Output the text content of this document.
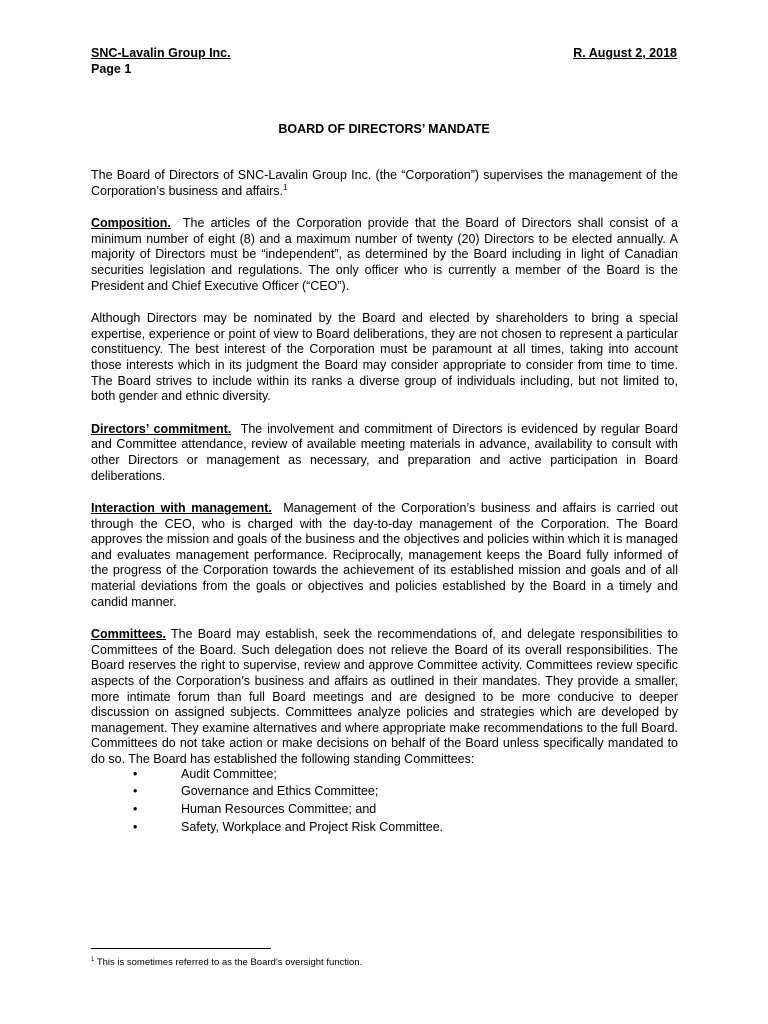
SNC-Lavalin Group Inc.
Page 1
R. August 2, 2018
BOARD OF DIRECTORS’ MANDATE

The Board of Directors of SNC-Lavalin Group Inc. (the “Corporation”) supervises the management of the Corporation’s business and affairs.$^1$

Composition. The articles of the Corporation provide that the Board of Directors shall consist of a minimum number of eight (8) and a maximum number of twenty (20) Directors to be elected annually. A majority of Directors must be “independent”, as determined by the Board including in light of Canadian securities legislation and regulations. The only officer who is currently a member of the Board is the President and Chief Executive Officer (“CEO”).

Although Directors may be nominated by the Board and elected by shareholders to bring a special expertise, experience or point of view to Board deliberations, they are not chosen to represent a particular constituency. The best interest of the Corporation must be paramount at all times, taking into account those interests which in its judgment the Board may consider appropriate to consider from time to time. The Board strives to include within its ranks a diverse group of individuals including, but not limited to, both gender and ethnic diversity.

Directors’ commitment. The involvement and commitment of Directors is evidenced by regular Board and Committee attendance, review of available meeting materials in advance, availability to consult with other Directors or management as necessary, and preparation and active participation in Board deliberations.

Interaction with management. Management of the Corporation’s business and affairs is carried out through the CEO, who is charged with the day-to-day management of the Corporation. The Board approves the mission and goals of the business and the objectives and policies within which it is managed and evaluates management performance. Reciprocally, management keeps the Board fully informed of the progress of the Corporation towards the achievement of its established mission and goals and of all material deviations from the goals or objectives and policies established by the Board in a timely and candid manner.

Committees. The Board may establish, seek the recommendations of, and delegate responsibilities to Committees of the Board. Such delegation does not relieve the Board of its overall responsibilities. The Board reserves the right to supervise, review and approve Committee activity. Committees review specific aspects of the Corporation’s business and affairs as outlined in their mandates. They provide a smaller, more intimate forum than full Board meetings and are designed to be more conducive to deeper discussion on assigned subjects. Committees analyze policies and strategies which are developed by management. They examine alternatives and where appropriate make recommendations to the full Board. Committees do not take action or make decisions on behalf of the Board unless specifically mandated to do so. The Board has established the following standing Committees:

•	Audit Committee;
•	Governance and Ethics Committee;
•	Human Resources Committee; and
•	Safety, Workplace and Project Risk Committee.
$^1$ This is sometimes referred to as the Board’s oversight function.
